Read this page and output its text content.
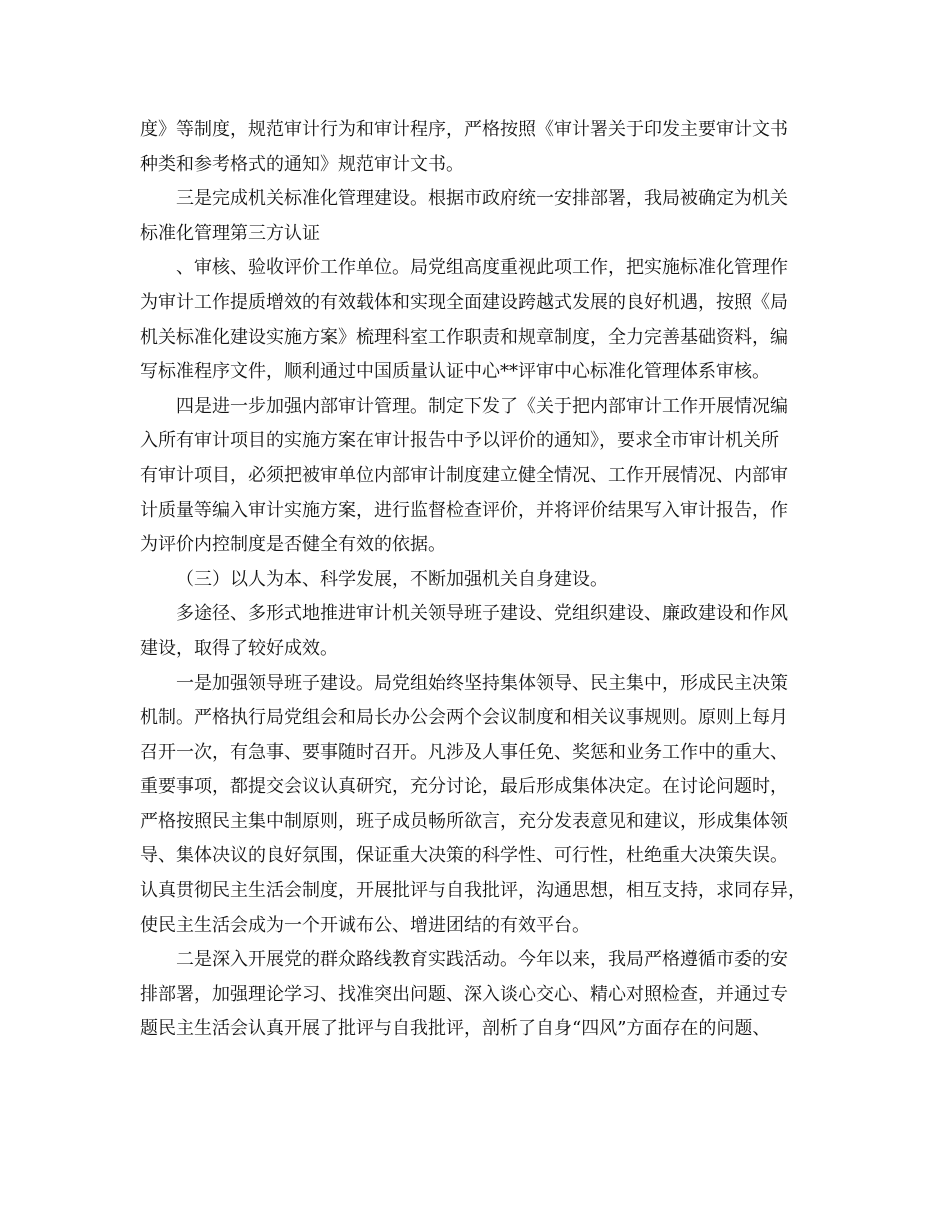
度》等制度，规范审计行为和审计程序，严格按照《审计署关于印发主要审计文书
种类和参考格式的通知》规范审计文书。
三是完成机关标准化管理建设。根据市政府统一安排部署，我局被确定为机关
标准化管理第三方认证
、审核、验收评价工作单位。局党组高度重视此项工作，把实施标准化管理作
为审计工作提质增效的有效载体和实现全面建设跨越式发展的良好机遇，按照《局
机关标准化建设实施方案》梳理科室工作职责和规章制度，全力完善基础资料，编
写标准程序文件，顺利通过中国质量认证中心**评审中心标准化管理体系审核。
四是进一步加强内部审计管理。制定下发了《关于把内部审计工作开展情况编
入所有审计项目的实施方案在审计报告中予以评价的通知》，要求全市审计机关所
有审计项目，必须把被审单位内部审计制度建立健全情况、工作开展情况、内部审
计质量等编入审计实施方案，进行监督检查评价，并将评价结果写入审计报告，作
为评价内控制度是否健全有效的依据。
（三）以人为本、科学发展，不断加强机关自身建设。
多途径、多形式地推进审计机关领导班子建设、党组织建设、廉政建设和作风
建设，取得了较好成效。
一是加强领导班子建设。局党组始终坚持集体领导、民主集中，形成民主决策
机制。严格执行局党组会和局长办公会两个会议制度和相关议事规则。原则上每月
召开一次，有急事、要事随时召开。凡涉及人事任免、奖惩和业务工作中的重大、
重要事项，都提交会议认真研究，充分讨论，最后形成集体决定。在讨论问题时，
严格按照民主集中制原则，班子成员畅所欲言，充分发表意见和建议，形成集体领
导、集体决议的良好氛围，保证重大决策的科学性、可行性，杜绝重大决策失误。
认真贯彻民主生活会制度，开展批评与自我批评，沟通思想，相互支持，求同存异，
使民主生活会成为一个开诚布公、增进团结的有效平台。
二是深入开展党的群众路线教育实践活动。今年以来，我局严格遵循市委的安
排部署，加强理论学习、找准突出问题、深入谈心交心、精心对照检查，并通过专
题民主生活会认真开展了批评与自我批评，剖析了自身“四风”方面存在的问题、
